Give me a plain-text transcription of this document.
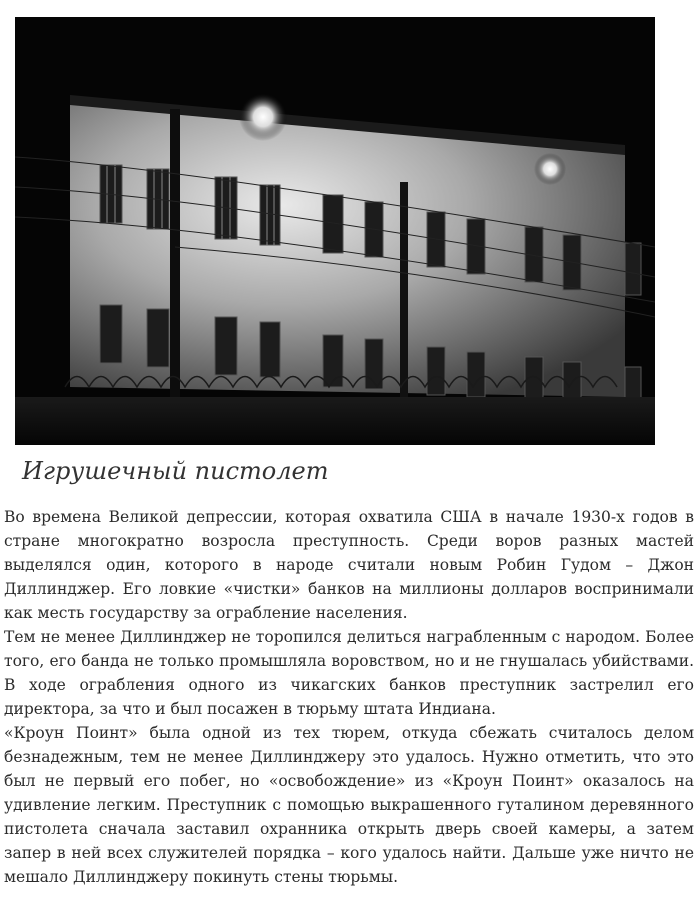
Игрушечный пистолет

Во времена Великой депрессии, которая охватила США в начале 1930-х годов в стране многократно возросла преступность. Среди воров разных мастей выделялся один, которого в народе считали новым Робин Гудом – Джон Диллинджер. Его ловкие «чистки» банков на миллионы долларов воспринимали как месть государству за ограбление населения.

Тем не менее Диллинджер не торопился делиться награбленным с народом. Более того, его банда не только промышляла воровством, но и не гнушалась убийствами. В ходе ограбления одного из чикагских банков преступник застрелил его директора, за что и был посажен в тюрьму штата Индиана.

«Кроун Поинт» была одной из тех тюрем, откуда сбежать считалось делом безнадежным, тем не менее Диллинджеру это удалось. Нужно отметить, что это был не первый его побег, но «освобождение» из «Кроун Поинт» оказалось на удивление легким. Преступник с помощью выкрашенного гуталином деревянного пистолета сначала заставил охранника открыть дверь своей камеры, а затем запер в ней всех служителей порядка – кого удалось найти. Дальше уже ничто не мешало Диллинджеру покинуть стены тюрьмы.
